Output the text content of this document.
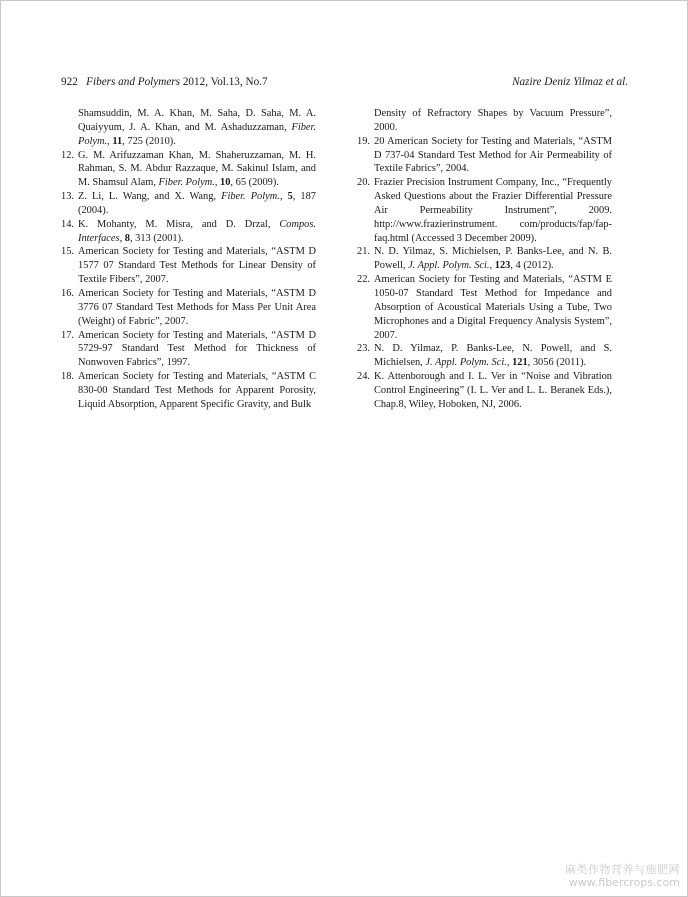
922 Fibers and Polymers 2012, Vol.13, No.7	Nazire Deniz Yilmaz et al.
Shamsuddin, M. A. Khan, M. Saha, D. Saha, M. A. Quaiyyum, J. A. Khan, and M. Ashaduzzaman, Fiber. Polym., 11, 725 (2010).
12. G. M. Arifuzzaman Khan, M. Shaheruzzaman, M. H. Rahman, S. M. Abdur Razzaque, M. Sakinul Islam, and M. Shamsul Alam, Fiber. Polym., 10, 65 (2009).
13. Z. Li, L. Wang, and X. Wang, Fiber. Polym., 5, 187 (2004).
14. K. Mohanty, M. Misra, and D. Drzal, Compos. Interfaces, 8, 313 (2001).
15. American Society for Testing and Materials, “ASTM D 1577 07 Standard Test Methods for Linear Density of Textile Fibers”, 2007.
16. American Society for Testing and Materials, “ASTM D 3776 07 Standard Test Methods for Mass Per Unit Area (Weight) of Fabric”, 2007.
17. American Society for Testing and Materials, “ASTM D 5729-97 Standard Test Method for Thickness of Nonwoven Fabrics”, 1997.
18. American Society for Testing and Materials, “ASTM C 830-00 Standard Test Methods for Apparent Porosity, Liquid Absorption, Apparent Specific Gravity, and Bulk
Density of Refractory Shapes by Vacuum Pressure”, 2000.
19. 20 American Society for Testing and Materials, “ASTM D 737-04 Standard Test Method for Air Permeability of Textile Fabrics”, 2004.
20. Frazier Precision Instrument Company, Inc., “Frequently Asked Questions about the Frazier Differential Pressure Air Permeability Instrument”, 2009. http://www.frazierinstrument. com/products/fap/fap-faq.html (Accessed 3 December 2009).
21. N. D. Yilmaz, S. Michielsen, P. Banks-Lee, and N. B. Powell, J. Appl. Polym. Sci., 123, 4 (2012).
22. American Society for Testing and Materials, “ASTM E 1050-07 Standard Test Method for Impedance and Absorption of Acoustical Materials Using a Tube, Two Microphones and a Digital Frequency Analysis System”, 2007.
23. N. D. Yilmaz, P. Banks-Lee, N. Powell, and S. Michielsen, J. Appl. Polym. Sci., 121, 3056 (2011).
24. K. Attenborough and I. L. Ver in “Noise and Vibration Control Engineering” (I. L. Ver and L. L. Beranek Eds.), Chap.8, Wiley, Hoboken, NJ, 2006.
麻类作物营养与施肥网
www.fibercrops.com
